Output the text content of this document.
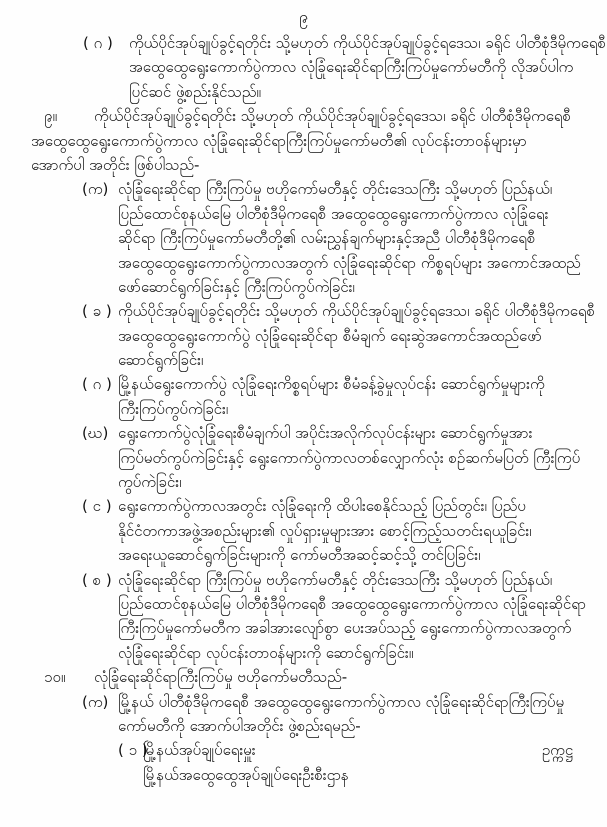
၉
( ဂ ) ကိုယ်ပိုင်အုပ်ချုပ်ခွင့်ရတိုင်း သို့မဟုတ် ကိုယ်ပိုင်အုပ်ချုပ်ခွင့်ရဒေသ၊ ခရိုင် ပါတီစုံဒီမိုကရေစီ
အထွေထွေရွေးကောက်ပွဲကာလ လုံခြုံရေးဆိုင်ရာကြီးကြပ်မှုကော်မတီကို လိုအပ်ပါက
ပြင်ဆင် ဖွဲ့စည်းနိုင်သည်။
၉။ ကိုယ်ပိုင်အုပ်ချုပ်ခွင့်ရတိုင်း သို့မဟုတ် ကိုယ်ပိုင်အုပ်ချုပ်ခွင့်ရဒေသ၊ ခရိုင် ပါတီစုံဒီမိုကရေစီ
အထွေထွေရွေးကောက်ပွဲကာလ လုံခြုံရေးဆိုင်ရာကြီးကြပ်မှုကော်မတီ၏ လုပ်ငန်းတာဝန်များမှာ
အောက်ပါ အတိုင်း ဖြစ်ပါသည်-
(က) လုံခြုံရေးဆိုင်ရာ ကြီးကြပ်မှု ဗဟိုကော်မတီနှင့် တိုင်းဒေသကြီး သို့မဟုတ် ပြည်နယ်၊
ပြည်ထောင်စုနယ်မြေ ပါတီစုံဒီမိုကရေစီ အထွေထွေရွေးကောက်ပွဲကာလ လုံခြုံရေး
ဆိုင်ရာ ကြီးကြပ်မှုကော်မတီတို့၏ လမ်းညွှန်ချက်များနှင့်အညီ ပါတီစုံဒီမိုကရေစီ
အထွေထွေရွေးကောက်ပွဲကာလအတွက် လုံခြုံရေးဆိုင်ရာ ကိစ္စရပ်များ အကောင်အထည်
ဖော်ဆောင်ရွက်ခြင်းနှင့် ကြီးကြပ်ကွပ်ကဲခြင်း၊
( ခ ) ကိုယ်ပိုင်အုပ်ချုပ်ခွင့်ရတိုင်း သို့မဟုတ် ကိုယ်ပိုင်အုပ်ချုပ်ခွင့်ရဒေသ၊ ခရိုင် ပါတီစုံဒီမိုကရေစီ
အထွေထွေရွေးကောက်ပွဲ လုံခြုံရေးဆိုင်ရာ စီမံချက် ရေးဆွဲအကောင်အထည်ဖော်
ဆောင်ရွက်ခြင်း၊
( ဂ ) မြို့နယ်ရွေးကောက်ပွဲ လုံခြုံရေးကိစ္စရပ်များ စီမံခန့်ခွဲမှုလုပ်ငန်း ဆောင်ရွက်မှုများကို
ကြီးကြပ်ကွပ်ကဲခြင်း၊
(ဃ) ရွေးကောက်ပွဲလုံခြုံရေးစီမံချက်ပါ အပိုင်းအလိုက်လုပ်ငန်းများ ဆောင်ရွက်မှုအား
ကြပ်မတ်ကွပ်ကဲခြင်းနှင့် ရွေးကောက်ပွဲကာလတစ်လျှောက်လုံး စဉ်ဆက်မပြတ် ကြီးကြပ်
ကွပ်ကဲခြင်း၊
( င ) ရွေးကောက်ပွဲကာလအတွင်း လုံခြုံရေးကို ထိပါးစေနိုင်သည့် ပြည်တွင်း၊ ပြည်ပ
နိုင်ငံတကာအဖွဲ့အစည်းများ၏ လှုပ်ရှားမှုများအား စောင့်ကြည့်သတင်းရယူခြင်း၊
အရေးယူဆောင်ရွက်ခြင်းများကို ကော်မတီအဆင့်ဆင့်သို့ တင်ပြခြင်း၊
( စ ) လုံခြုံရေးဆိုင်ရာ ကြီးကြပ်မှု ဗဟိုကော်မတီနှင့် တိုင်းဒေသကြီး သို့မဟုတ် ပြည်နယ်၊
ပြည်ထောင်စုနယ်မြေ ပါတီစုံဒီမိုကရေစီ အထွေထွေရွေးကောက်ပွဲကာလ လုံခြုံရေးဆိုင်ရာ
ကြီးကြပ်မှုကော်မတီက အခါအားလျော်စွာ ပေးအပ်သည့် ရွေးကောက်ပွဲကာလအတွက်
လုံခြုံရေးဆိုင်ရာ လုပ်ငန်းတာဝန်များကို ဆောင်ရွက်ခြင်း။
၁၀။ လုံခြုံရေးဆိုင်ရာကြီးကြပ်မှု ဗဟိုကော်မတီသည်-
(က) မြို့နယ် ပါတီစုံဒီမိုကရေစီ အထွေထွေရွေးကောက်ပွဲကာလ လုံခြုံရေးဆိုင်ရာကြီးကြပ်မှု
ကော်မတီကို အောက်ပါအတိုင်း ဖွဲ့စည်းရမည်-
( ၁ )
မြို့နယ်အုပ်ချုပ်ရေးမှူး	ဥက္ကဋ္ဌ
မြို့နယ်အထွေထွေအုပ်ချုပ်ရေးဦးစီးဌာန
